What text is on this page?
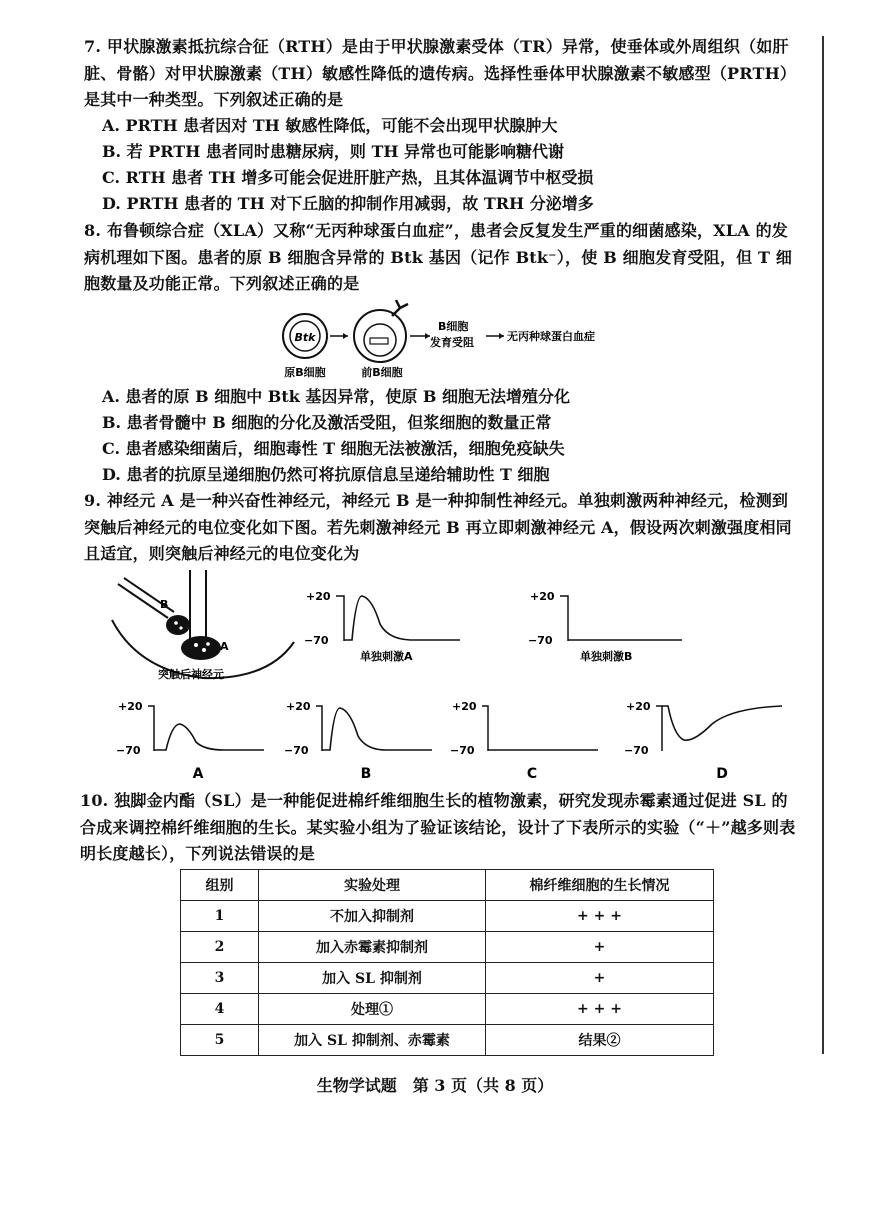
7. 甲状腺激素抵抗综合征（RTH）是由于甲状腺激素受体（TR）异常，使垂体或外周组织（如肝脏、骨骼）对甲状腺激素（TH）敏感性降低的遗传病。选择性垂体甲状腺激素不敏感型（PRTH）是其中一种类型。下列叙述正确的是

A. PRTH 患者因对 TH 敏感性降低，可能不会出现甲状腺肿大
B. 若 PRTH 患者同时患糖尿病，则 TH 异常也可能影响糖代谢
C. RTH 患者 TH 增多可能会促进肝脏产热，且其体温调节中枢受损
D. PRTH 患者的 TH 对下丘脑的抑制作用减弱，故 TRH 分泌增多

8. 布鲁顿综合症（XLA）又称“无丙种球蛋白血症”，患者会反复发生严重的细菌感染，XLA 的发病机理如下图。患者的原 B 细胞含异常的 Btk 基因（记作 Btk⁻），使 B 细胞发育受阻，但 T 细胞数量及功能正常。下列叙述正确的是

Btk
B细胞
发育受阻	无丙种球蛋白血症
原B细胞	前B细胞
A. 患者的原 B 细胞中 Btk 基因异常，使原 B 细胞无法增殖分化
B. 患者骨髓中 B 细胞的分化及激活受阻，但浆细胞的数量正常
C. 患者感染细菌后，细胞毒性 T 细胞无法被激活，细胞免疫缺失
D. 患者的抗原呈递细胞仍然可将抗原信息呈递给辅助性 T 细胞

9. 神经元 A 是一种兴奋性神经元，神经元 B 是一种抑制性神经元。单独刺激两种神经元，检测到突触后神经元的电位变化如下图。若先刺激神经元 B 再立即刺激神经元 A，假设两次刺激强度相同且适宜，则突触后神经元的电位变化为

B
A
突触后神经元
+20
−70
单独刺激A
+20
−70
单独刺激B
+20
−70
A
+20
−70
B
+20
−70
C
+20
−70
D

10. 独脚金内酯（SL）是一种能促进棉纤维细胞生长的植物激素，研究发现赤霉素通过促进 SL 的合成来调控棉纤维细胞的生长。某实验小组为了验证该结论，设计了下表所示的实验（“＋”越多则表明长度越长），下列说法错误的是

组别	实验处理	棉纤维细胞的生长情况
1	不加入抑制剂	+ + +
2	加入赤霉素抑制剂	+
3	加入 SL 抑制剂	+
4	处理①	+ + +
5	加入 SL 抑制剂、赤霉素	结果②
生物学试题　第 3 页（共 8 页）
